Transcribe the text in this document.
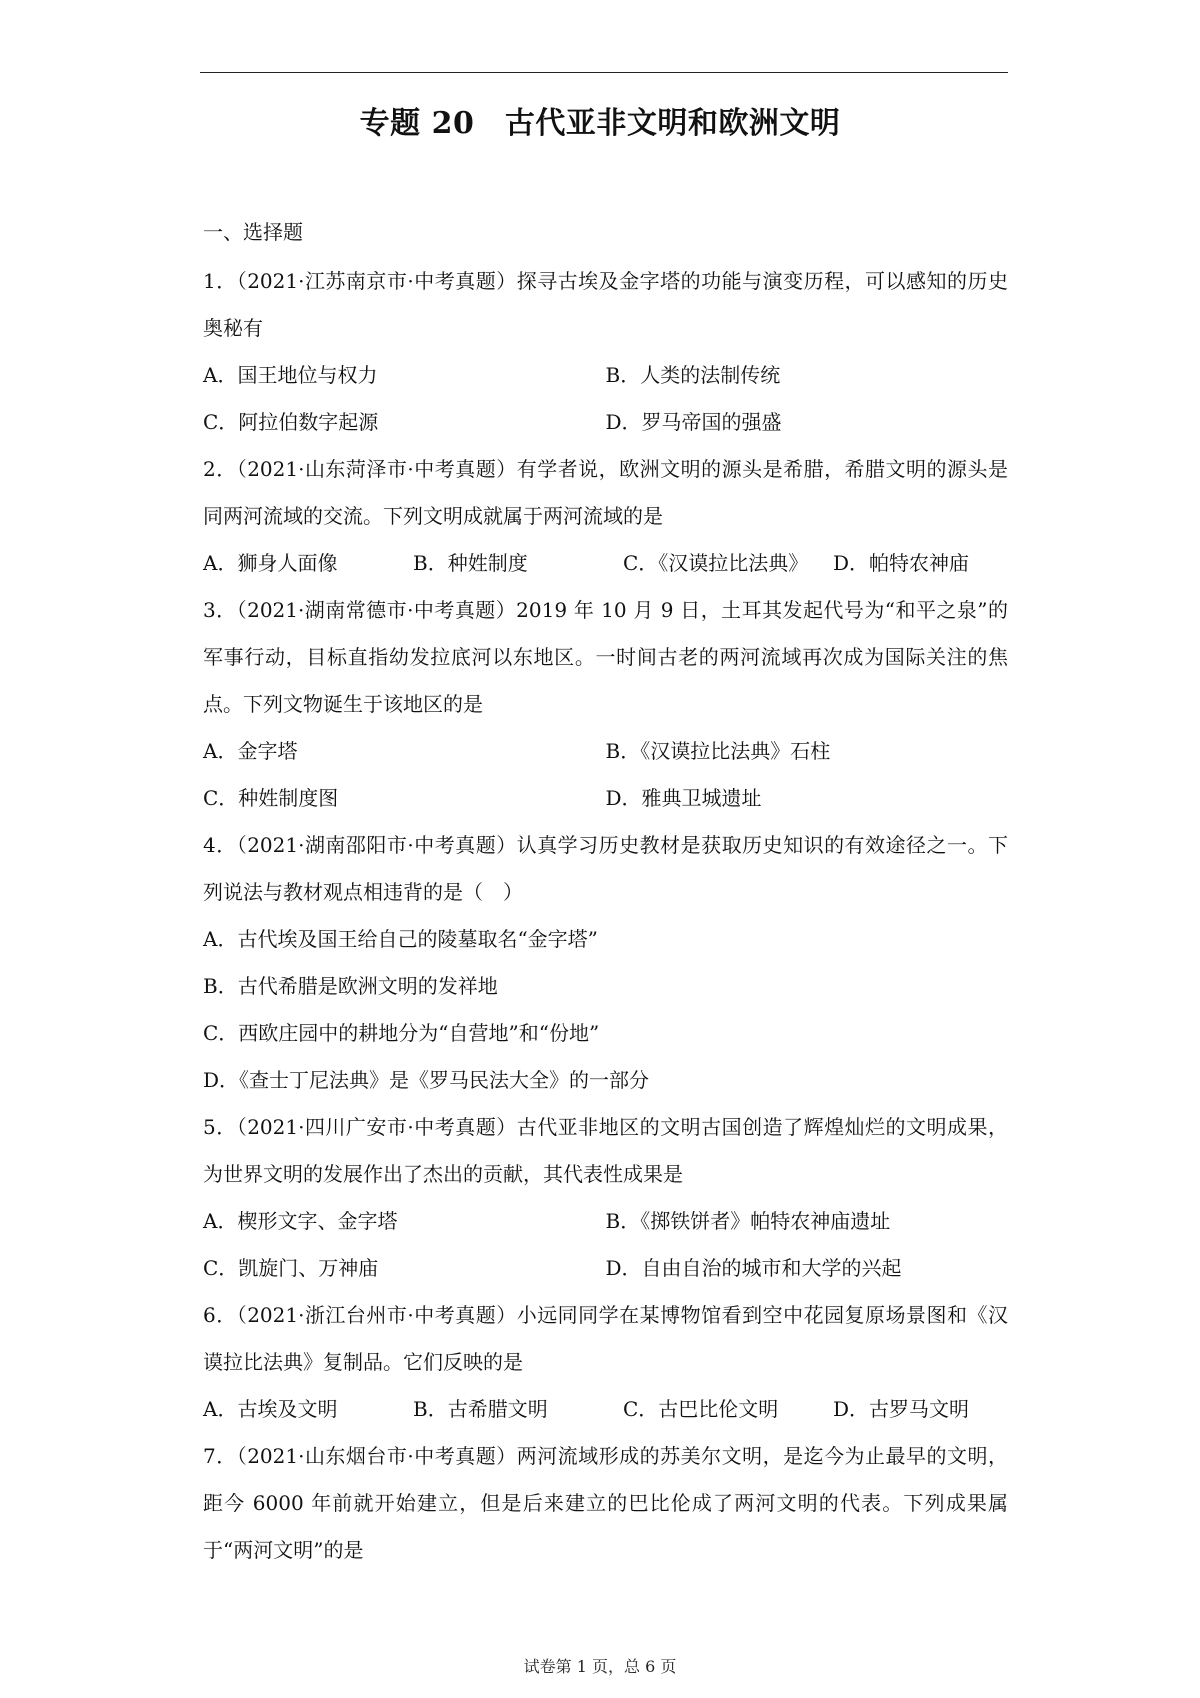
专题 20　古代亚非文明和欧洲文明
一、选择题
1．（2021·江苏南京市·中考真题）探寻古埃及金字塔的功能与演变历程，可以感知的历史奥秘有
A．国王地位与权力	B．人类的法制传统
C．阿拉伯数字起源	D．罗马帝国的强盛
2．（2021·山东菏泽市·中考真题）有学者说，欧洲文明的源头是希腊，希腊文明的源头是同两河流域的交流。下列文明成就属于两河流域的是
A．狮身人面像	B．种姓制度	C．《汉谟拉比法典》	D．帕特农神庙
3．（2021·湖南常德市·中考真题）2019 年 10 月 9 日，土耳其发起代号为“和平之泉”的军事行动，目标直指幼发拉底河以东地区。一时间古老的两河流域再次成为国际关注的焦点。下列文物诞生于该地区的是
A．金字塔	B．《汉谟拉比法典》石柱
C．种姓制度图	D．雅典卫城遗址
4．（2021·湖南邵阳市·中考真题）认真学习历史教材是获取历史知识的有效途径之一。下列说法与教材观点相违背的是（　）
A．古代埃及国王给自己的陵墓取名“金字塔”
B．古代希腊是欧洲文明的发祥地
C．西欧庄园中的耕地分为“自营地”和“份地”
D．《查士丁尼法典》是《罗马民法大全》的一部分
5．（2021·四川广安市·中考真题）古代亚非地区的文明古国创造了辉煌灿烂的文明成果，为世界文明的发展作出了杰出的贡献，其代表性成果是
A．楔形文字、金字塔	B．《掷铁饼者》帕特农神庙遗址
C．凯旋门、万神庙	D．自由自治的城市和大学的兴起
6．（2021·浙江台州市·中考真题）小远同同学在某博物馆看到空中花园复原场景图和《汉谟拉比法典》复制品。它们反映的是
A．古埃及文明	B．古希腊文明	C．古巴比伦文明	D．古罗马文明
7．（2021·山东烟台市·中考真题）两河流域形成的苏美尔文明，是迄今为止最早的文明，距今 6000 年前就开始建立，但是后来建立的巴比伦成了两河文明的代表。下列成果属于“两河文明”的是
试卷第 1 页，总 6 页
